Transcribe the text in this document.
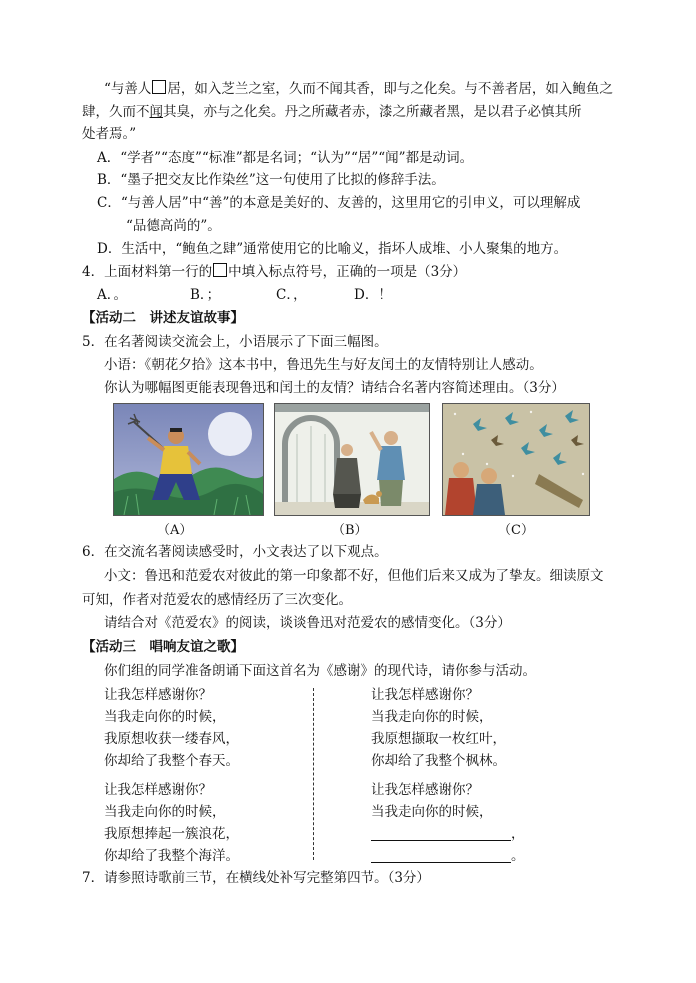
“与善人 居，如入芝兰之室，久而不闻其香，即与之化矣。与不善者居，如入鲍鱼之
肆，久而不闻其臭，亦与之化矣。丹之所藏者赤，漆之所藏者黑，是以君子必慎其所
处者焉。”
A．“学者”“态度”“标准”都是名词；“认为”“居”“闻”都是动词。
B．“墨子把交友比作染丝”这一句使用了比拟的修辞手法。
C．“与善人居”中“善”的本意是美好的、友善的，这里用它的引申义，可以理解成
“品德高尚的”。
D．生活中，“鲍鱼之肆”通常使用它的比喻义，指坏人成堆、小人聚集的地方。
4．上面材料第一行的 中填入标点符号，正确的一项是（3分）
A．。	B．；	C．，	D．！
【活动二　讲述友谊故事】
5．在名著阅读交流会上，小语展示了下面三幅图。
小语：《朝花夕拾》这本书中，鲁迅先生与好友闰土的友情特别让人感动。
你认为哪幅图更能表现鲁迅和闰土的友情？请结合名著内容简述理由。（3分）
（A）	（B）	（C）
6．在交流名著阅读感受时，小文表达了以下观点。
小文：鲁迅和范爱农对彼此的第一印象都不好，但他们后来又成为了挚友。细读原文
可知，作者对范爱农的感情经历了三次变化。
请结合对《范爱农》的阅读，谈谈鲁迅对范爱农的感情变化。（3分）
【活动三　唱响友谊之歌】
你们组的同学准备朗诵下面这首名为《感谢》的现代诗，请你参与活动。
让我怎样感谢你？
当我走向你的时候，
我原想收获一缕春风，
你却给了我整个春天。
让我怎样感谢你？
当我走向你的时候，
我原想撷取一枚红叶，
你却给了我整个枫林。
让我怎样感谢你？
当我走向你的时候，
我原想捧起一簇浪花，
你却给了我整个海洋。
让我怎样感谢你？
当我走向你的时候，
，
。
7．请参照诗歌前三节，在横线处补写完整第四节。（3分）
